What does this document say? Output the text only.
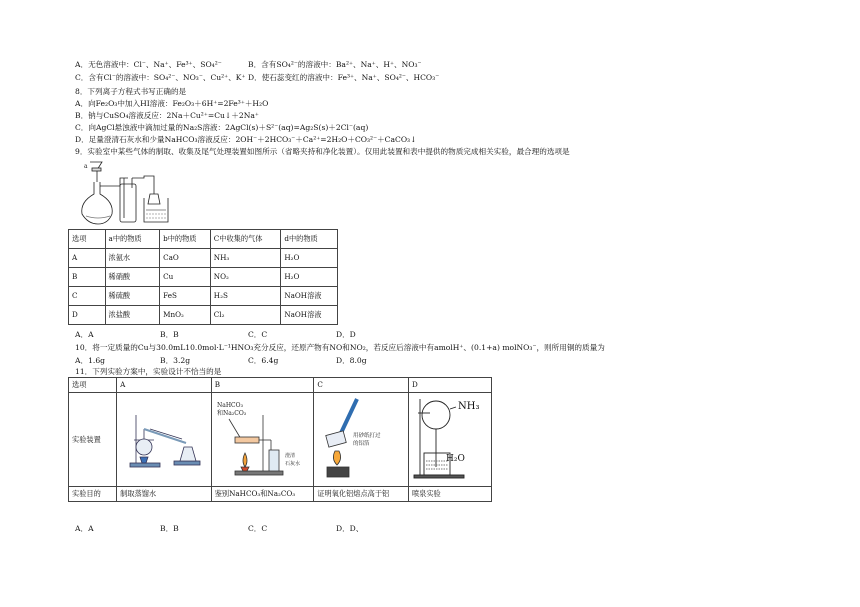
A．无色溶液中：Cl⁻、Na⁺、Fe³⁺、SO₄²⁻	B．含有SO₄²⁻的溶液中：Ba²⁺、Na⁺、H⁺、NO₃⁻
C．含有Cl⁻的溶液中：SO₄²⁻、NO₃⁻、Cu²⁺、K⁺ D．使石蕊变红的溶液中：Fe³⁺、Na⁺、SO₄²⁻、HCO₃⁻
8．下列离子方程式书写正确的是
A．向Fe₂O₃中加入HI溶液：Fe₂O₃＋6H⁺=2Fe³⁺＋H₂O
B．钠与CuSO₄溶液反应：2Na＋Cu²⁺=Cu↓＋2Na⁺
C．向AgCl悬浊液中滴加过量的Na₂S溶液：2AgCl(s)＋S²⁻(aq)=Ag₂S(s)＋2Cl⁻(aq)
D．足量澄清石灰水和少量NaHCO₃溶液反应：2OH⁻＋2HCO₃⁻＋Ca²⁺=2H₂O＋CO₃²⁻＋CaCO₃↓
9．实验室中某些气体的制取、收集及尾气处理装置如图所示（省略夹持和净化装置）。仅用此装置和表中提供的物质完成相关实验，最合理的选项是
a
选项	a中的物质	b中的物质	C中收集的气体	d中的物质
A	浓氨水	CaO	NH₃	H₂O
B	稀硝酸	Cu	NO₂	H₂O
C	稀硫酸	FeS	H₂S	NaOH溶液
D	浓盐酸	MnO₂	Cl₂	NaOH溶液
A．A	B．B	C．C	D．D
10．将一定质量的Cu与30.0mL10.0mol·L⁻¹HNO₃充分反应，还原产物有NO和NO₂，若反应后溶液中有amolH⁺、(0.1+a) molNO₃⁻，则所用铜的质量为
A．1.6g	B．3.2g	C．6.4g	D．8.0g
11．下列实验方案中，实验设计不恰当的是
选项	A	B	C	D
实验装置		NaHCO₃
和Na₂CO₃
澄清
石灰水	用砂纸打过
的铝箔	NH₃
H₂O

实验目的	制取蒸馏水	鉴别NaHCO₃和Na₂CO₃	证明氧化铝熔点高于铝	喷泉实验
A．A	B．B	C．C	D．D、
